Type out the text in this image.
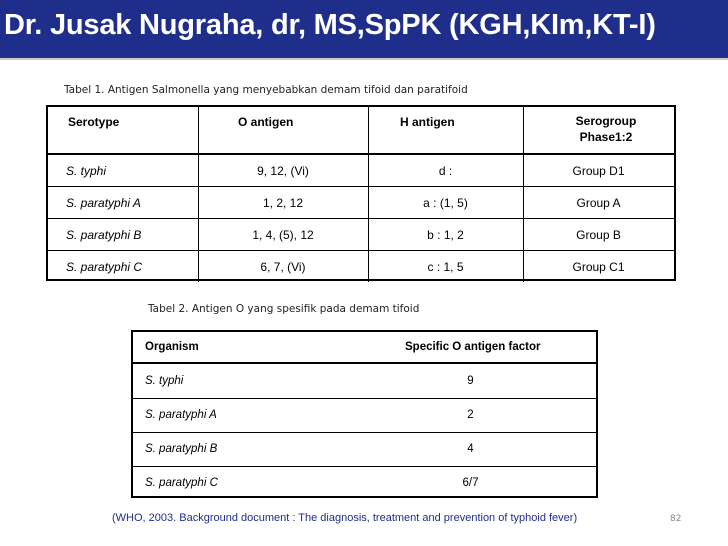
Dr. Jusak Nugraha, dr, MS,SpPK (KGH,KIm,KT-I)
Tabel 1. Antigen Salmonella yang menyebabkan demam tifoid dan paratifoid
Serotype	O antigen	H antigen	Serogroup Phase1:2
S. typhi	9, 12, (Vi)	d :	Group D1
S. paratyphi A	1, 2, 12	a : (1, 5)	Group A
S. paratyphi B	1, 4, (5), 12	b : 1, 2	Group B
S. paratyphi C	6, 7, (Vi)	c : 1, 5	Group C1
Tabel 2. Antigen O yang spesifik pada demam tifoid
Organism	Specific O antigen factor
S. typhi	9
S. paratyphi A	2
S. paratyphi B	4
S. paratyphi C	6/7
(WHO, 2003. Background document : The diagnosis, treatment and prevention of typhoid fever)	82
